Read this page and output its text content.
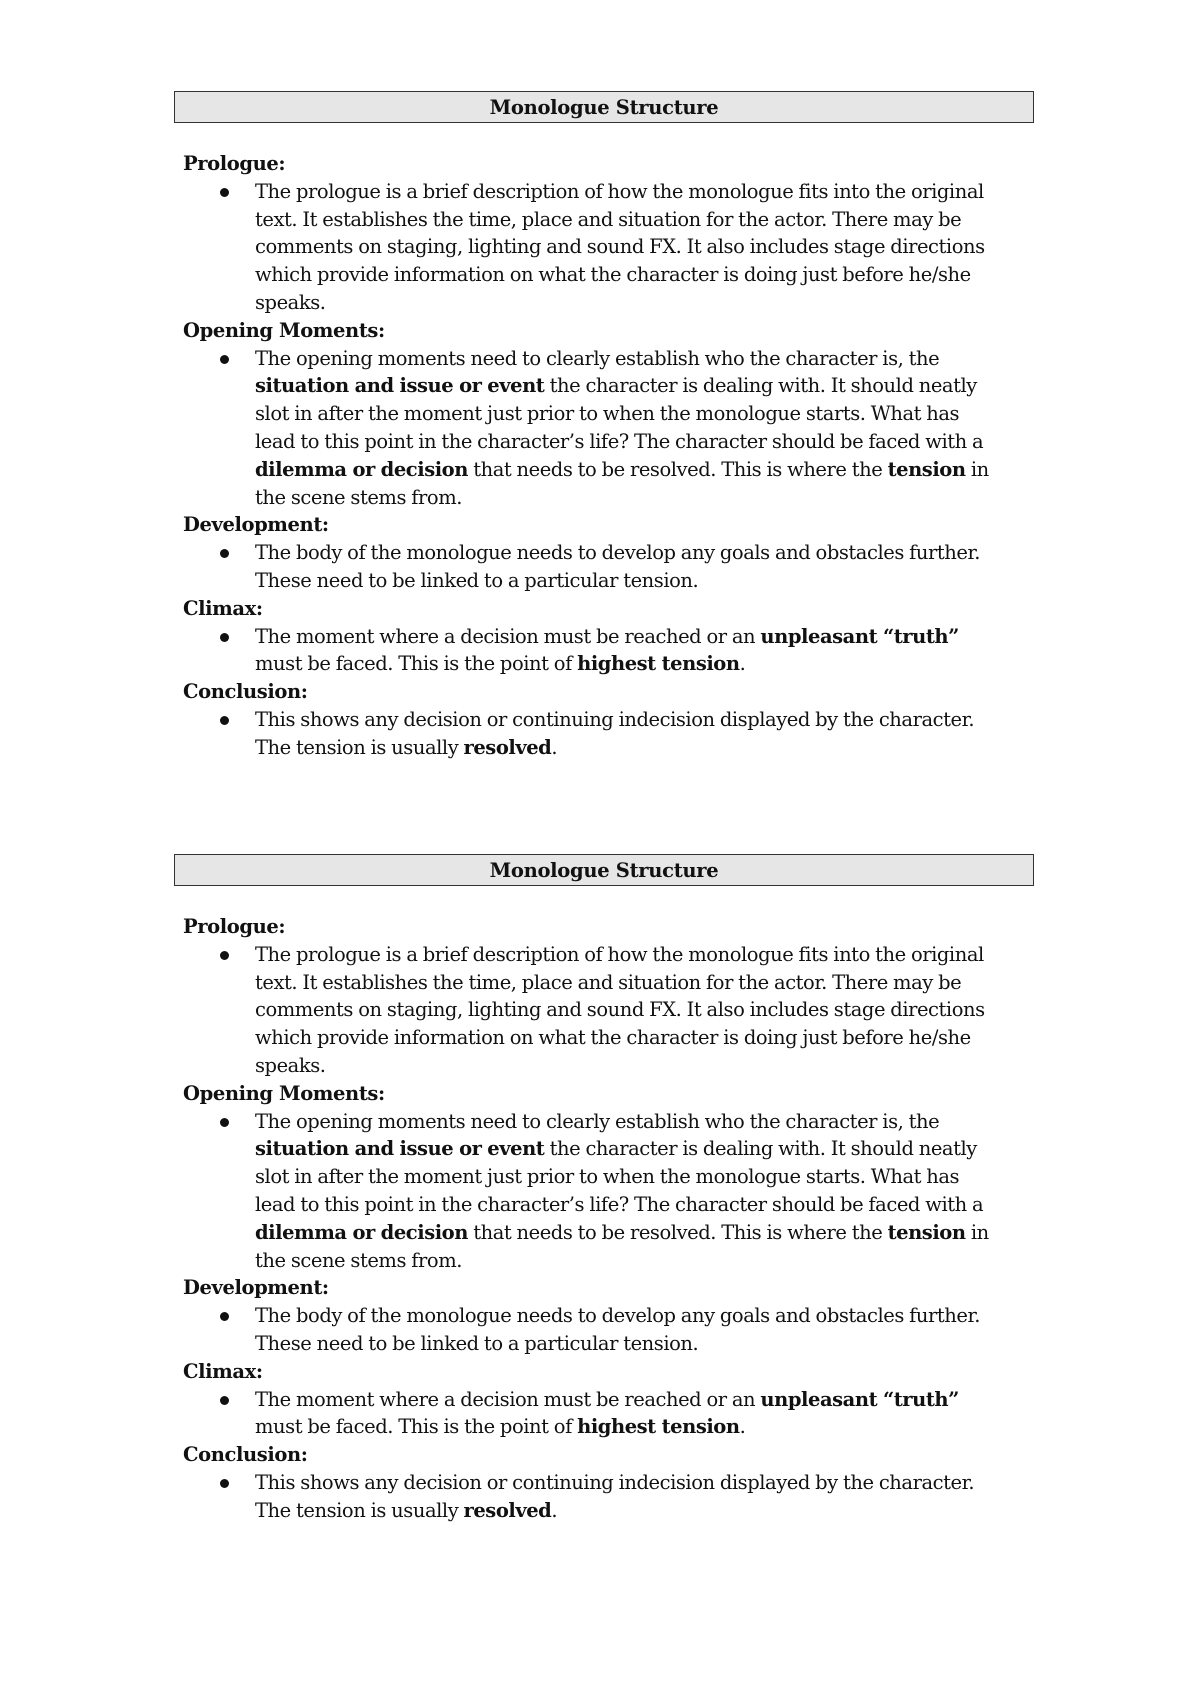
Monologue Structure
Prologue:
The prologue is a brief description of how the monologue fits into the original
text. It establishes the time, place and situation for the actor. There may be
comments on staging, lighting and sound FX. It also includes stage directions
which provide information on what the character is doing just before he/she
speaks.
Opening Moments:
The opening moments need to clearly establish who the character is, the
situation and issue or event the character is dealing with. It should neatly
slot in after the moment just prior to when the monologue starts. What has
lead to this point in the character’s life? The character should be faced with a
dilemma or decision that needs to be resolved. This is where the tension in
the scene stems from.
Development:
The body of the monologue needs to develop any goals and obstacles further.
These need to be linked to a particular tension.
Climax:
The moment where a decision must be reached or an unpleasant “truth”
must be faced. This is the point of highest tension.
Conclusion:
This shows any decision or continuing indecision displayed by the character.
The tension is usually resolved.
Monologue Structure
Prologue:
The prologue is a brief description of how the monologue fits into the original
text. It establishes the time, place and situation for the actor. There may be
comments on staging, lighting and sound FX. It also includes stage directions
which provide information on what the character is doing just before he/she
speaks.
Opening Moments:
The opening moments need to clearly establish who the character is, the
situation and issue or event the character is dealing with. It should neatly
slot in after the moment just prior to when the monologue starts. What has
lead to this point in the character’s life? The character should be faced with a
dilemma or decision that needs to be resolved. This is where the tension in
the scene stems from.
Development:
The body of the monologue needs to develop any goals and obstacles further.
These need to be linked to a particular tension.
Climax:
The moment where a decision must be reached or an unpleasant “truth”
must be faced. This is the point of highest tension.
Conclusion:
This shows any decision or continuing indecision displayed by the character.
The tension is usually resolved.
